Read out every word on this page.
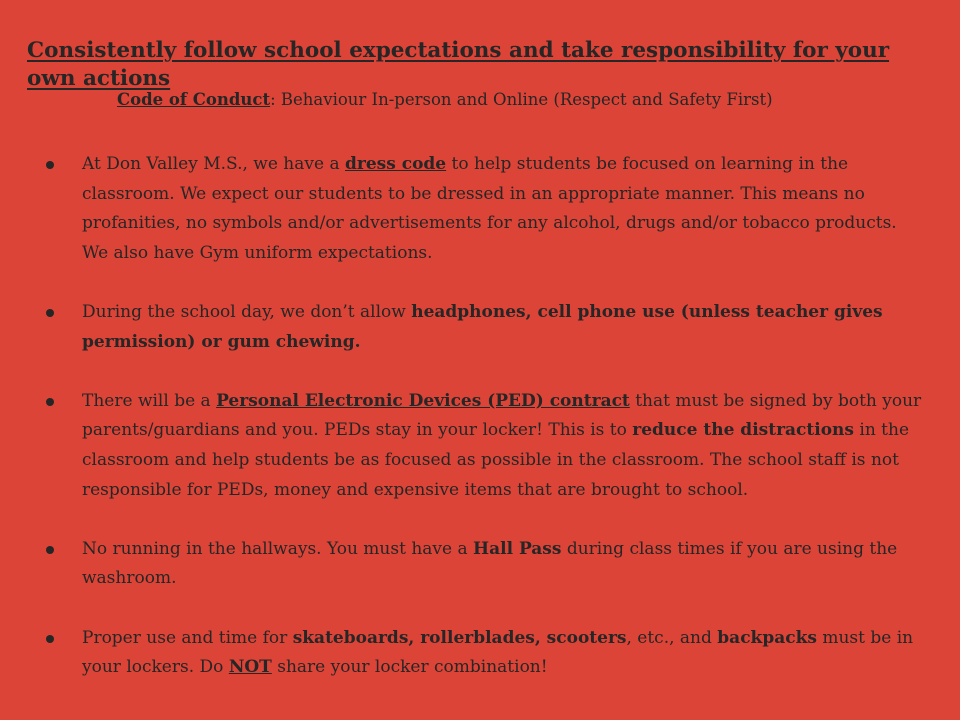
Consistently follow school expectations and take responsibility for your own actions

Code of Conduct: Behaviour In-person and Online (Respect and Safety First)

At Don Valley M.S., we have a dress code to help students be focused on learning in the classroom. We expect our students to be dressed in an appropriate manner. This means no profanities, no symbols and/or advertisements for any alcohol, drugs and/or tobacco products. We also have Gym uniform expectations.
During the school day, we don’t allow headphones, cell phone use (unless teacher gives permission) or gum chewing.
There will be a Personal Electronic Devices (PED) contract that must be signed by both your parents/guardians and you. PEDs stay in your locker! This is to reduce the distractions in the classroom and help students be as focused as possible in the classroom. The school staff is not responsible for PEDs, money and expensive items that are brought to school.
No running in the hallways. You must have a Hall Pass during class times if you are using the washroom.
Proper use and time for skateboards, rollerblades, scooters, etc., and backpacks must be in your lockers. Do NOT share your locker combination!
